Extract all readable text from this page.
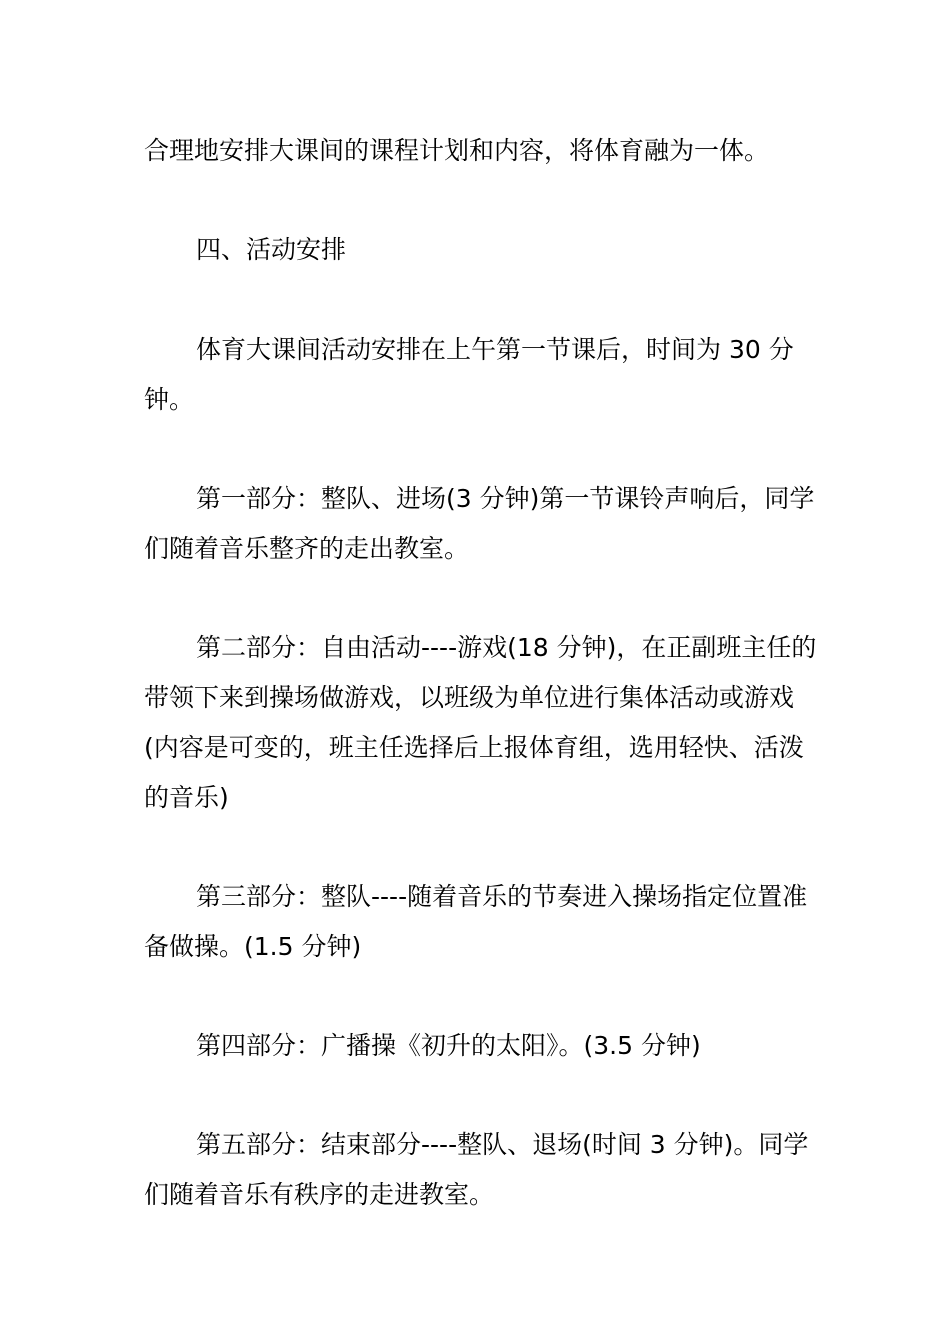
合理地安排大课间的课程计划和内容，将体育融为一体。

四、活动安排

体育大课间活动安排在上午第一节课后，时间为 30 分钟。

第一部分：整队、进场(3 分钟)第一节课铃声响后，同学们随着音乐整齐的走出教室。

第二部分：自由活动----游戏(18 分钟)，在正副班主任的带领下来到操场做游戏，以班级为单位进行集体活动或游戏(内容是可变的，班主任选择后上报体育组，选用轻快、活泼的音乐)

第三部分：整队----随着音乐的节奏进入操场指定位置准备做操。(1.5 分钟)

第四部分：广播操《初升的太阳》。(3.5 分钟)

第五部分：结束部分----整队、退场(时间 3 分钟)。同学们随着音乐有秩序的走进教室。
